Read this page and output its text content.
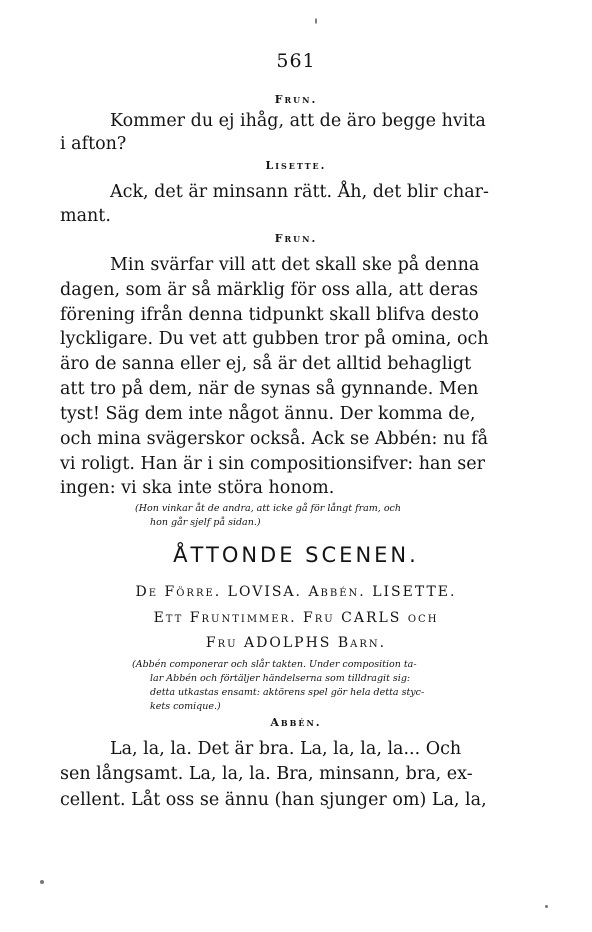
561
Frun.
Kommer du ej ihåg, att de äro begge hvita
i afton?
Lisette.
Ack, det är minsann rätt. Åh, det blir char-
mant.
Frun.
Min svärfar vill att det skall ske på denna
dagen, som är så märklig för oss alla, att deras
förening ifrån denna tidpunkt skall blifva desto
lyckligare. Du vet att gubben tror på omina, och
äro de sanna eller ej, så är det alltid behagligt
att tro på dem, när de synas så gynnande. Men
tyst! Säg dem inte något ännu. Der komma de,
och mina svägerskor också. Ack se Abbén: nu få
vi roligt. Han är i sin compositionsifver: han ser
ingen: vi ska inte störa honom.
(Hon vinkar åt de andra, att icke gå för långt fram, och
hon går sjelf på sidan.)
ÅTTONDE SCENEN.
De Förre. LOVISA. Abbén. LISETTE.
Ett Fruntimmer. Fru CARLS och
Fru ADOLPHS Barn.
(Abbén componerar och slår takten. Under composition ta-
lar Abbén och förtäljer händelserna som tilldragit sig:
detta utkastas ensamt: aktörens spel gör hela detta styc-
kets comique.)
Abbén.
La, la, la. Det är bra. La, la, la, la... Och
sen långsamt. La, la, la. Bra, minsann, bra, ex-
cellent. Låt oss se ännu (han sjunger om) La, la,
